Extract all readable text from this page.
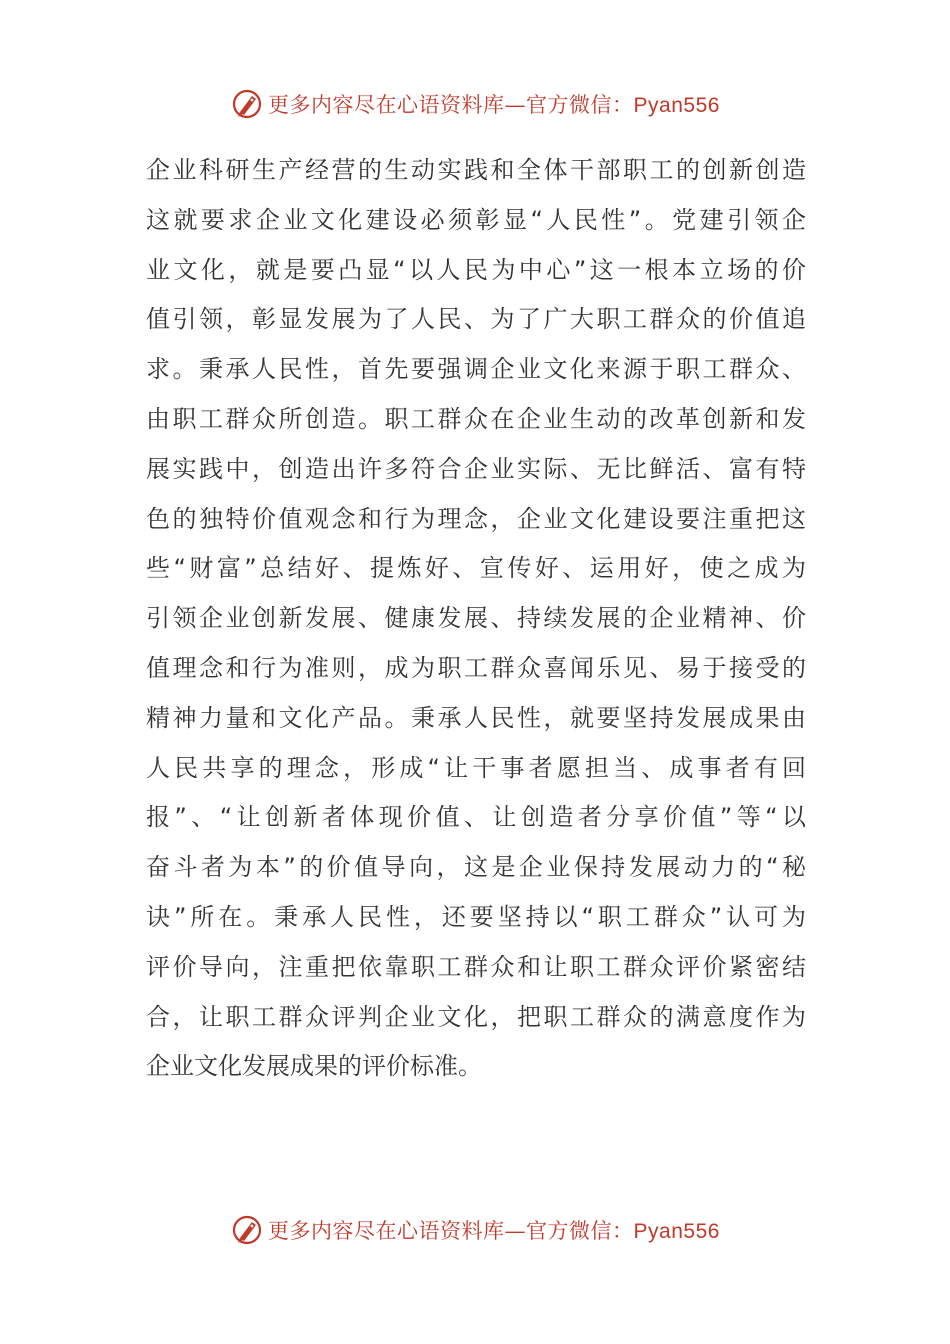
更多内容尽在心语资料库—官方微信：Pyan556
企业科研生产经营的生动实践和全体干部职工的创新创造
这就要求企业文化建设必须彰显“人民性”。党建引领企
业文化，就是要凸显“以人民为中心”这一根本立场的价
值引领，彰显发展为了人民、为了广大职工群众的价值追
求。秉承人民性，首先要强调企业文化来源于职工群众、
由职工群众所创造。职工群众在企业生动的改革创新和发
展实践中，创造出许多符合企业实际、无比鲜活、富有特
色的独特价值观念和行为理念，企业文化建设要注重把这
些“财富”总结好、提炼好、宣传好、运用好，使之成为
引领企业创新发展、健康发展、持续发展的企业精神、价
值理念和行为准则，成为职工群众喜闻乐见、易于接受的
精神力量和文化产品。秉承人民性，就要坚持发展成果由
人民共享的理念，形成“让干事者愿担当、成事者有回
报”、“让创新者体现价值、让创造者分享价值”等“以
奋斗者为本”的价值导向，这是企业保持发展动力的“秘
诀”所在。秉承人民性，还要坚持以“职工群众”认可为
评价导向，注重把依靠职工群众和让职工群众评价紧密结
合，让职工群众评判企业文化，把职工群众的满意度作为
企业文化发展成果的评价标准。
更多内容尽在心语资料库—官方微信：Pyan556
